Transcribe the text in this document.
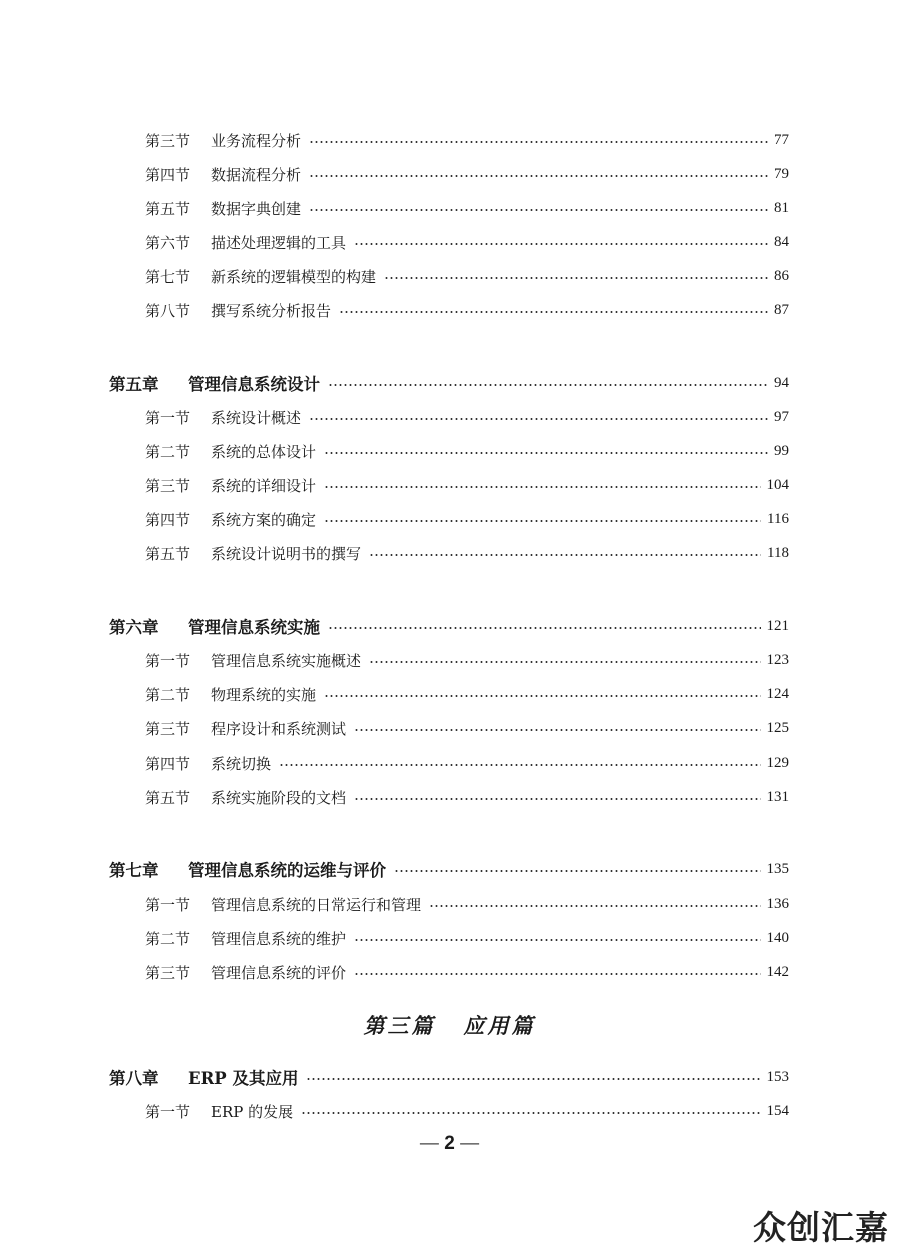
第三节	业务流程分析	77
第四节	数据流程分析	79
第五节	数据字典创建	81
第六节	描述处理逻辑的工具	84
第七节	新系统的逻辑模型的构建	86
第八节	撰写系统分析报告	87
第五章	管理信息系统设计	94
第一节	系统设计概述	97
第二节	系统的总体设计	99
第三节	系统的详细设计	104
第四节	系统方案的确定	116
第五节	系统设计说明书的撰写	118
第六章	管理信息系统实施	121
第一节	管理信息系统实施概述	123
第二节	物理系统的实施	124
第三节	程序设计和系统测试	125
第四节	系统切换	129
第五节	系统实施阶段的文档	131
第七章	管理信息系统的运维与评价	135
第一节	管理信息系统的日常运行和管理	136
第二节	管理信息系统的维护	140
第三节	管理信息系统的评价	142
第三篇 应用篇
第八章	ERP 及其应用	153
第一节	ERP 的发展	154
— 2 —
众创汇嘉
